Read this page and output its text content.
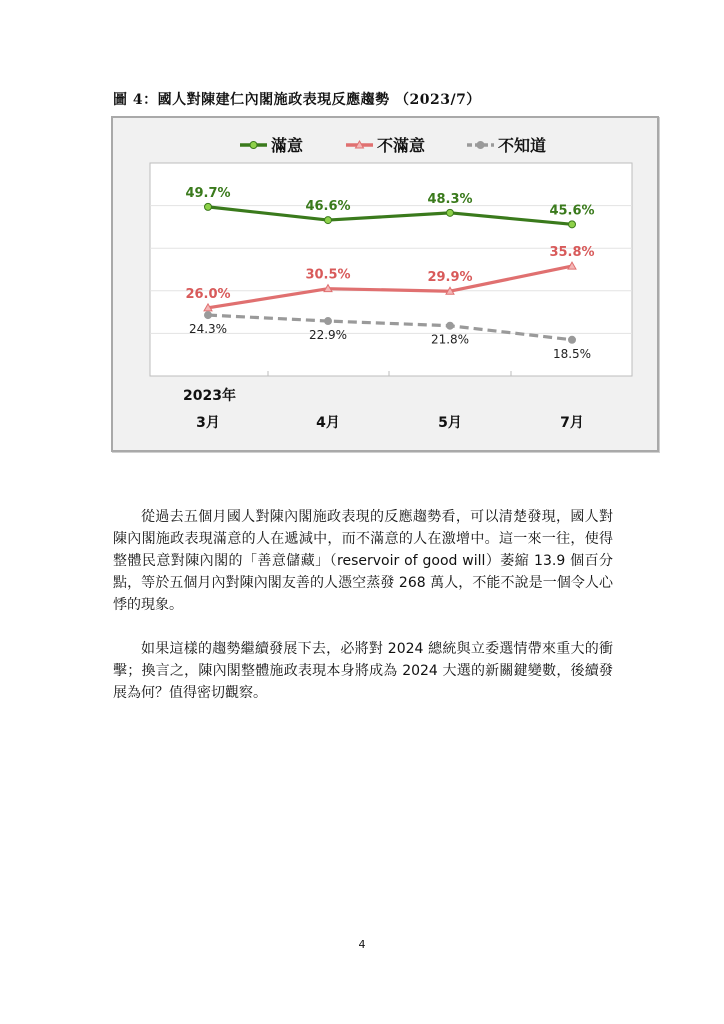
圖 4：國人對陳建仁內閣施政表現反應趨勢 （2023/7）
滿意	不滿意	不知道
49.7%
46.6%	48.3%
45.6%
26.0%
30.5%	29.9%
35.8%
24.3%	22.9%	21.8%
18.5%
2023年
3月	4月	5月	7月

從過去五個月國人對陳內閣施政表現的反應趨勢看，可以清楚發現，國人對陳內閣施政表現滿意的人在遞減中，而不滿意的人在激增中。這一來一往，使得整體民意對陳內閣的「善意儲藏」（reservoir of good will）萎縮 13.9 個百分點，等於五個月內對陳內閣友善的人憑空蒸發 268 萬人，不能不說是一個令人心悸的現象。

如果這樣的趨勢繼續發展下去，必將對 2024 總統與立委選情帶來重大的衝擊；換言之，陳內閣整體施政表現本身將成為 2024 大選的新關鍵變數，後續發展為何？值得密切觀察。

4
